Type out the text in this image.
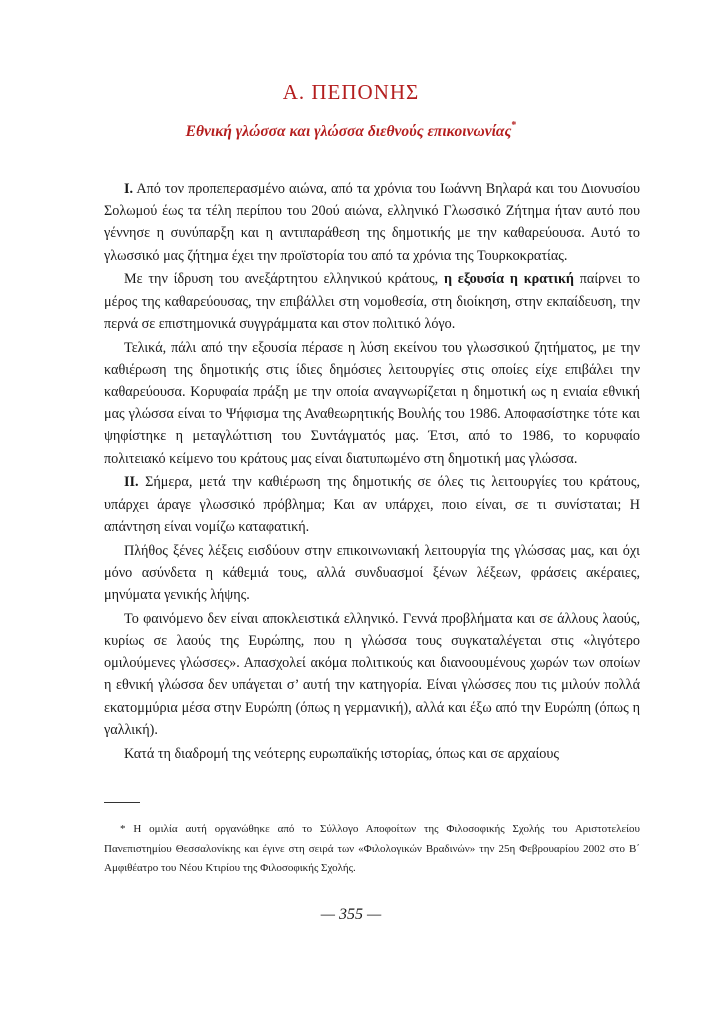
Α. ΠΕΠΟΝΗΣ
Εθνική γλώσσα και γλώσσα διεθνούς επικοινωνίας*

Ι. Από τον προπεπερασμένο αιώνα, από τα χρόνια του Ιωάννη Βηλαρά και του Διονυσίου Σολωμού έως τα τέλη περίπου του 20ού αιώνα, ελληνικό Γλωσσικό Ζήτημα ήταν αυτό που γέννησε η συνύπαρξη και η αντιπαράθεση της δημοτικής με την καθαρεύουσα. Αυτό το γλωσσικό μας ζήτημα έχει την προϊστορία του από τα χρόνια της Τουρκοκρατίας.

Με την ίδρυση του ανεξάρτητου ελληνικού κράτους, η εξουσία η κρατική παίρνει το μέρος της καθαρεύουσας, την επιβάλλει στη νομοθεσία, στη διοίκηση, στην εκπαίδευση, την περνά σε επιστημονικά συγγράμματα και στον πολιτικό λόγο.

Τελικά, πάλι από την εξουσία πέρασε η λύση εκείνου του γλωσσικού ζητήματος, με την καθιέρωση της δημοτικής στις ίδιες δημόσιες λειτουργίες στις οποίες είχε επιβάλει την καθαρεύουσα. Κορυφαία πράξη με την οποία αναγνωρίζεται η δημοτική ως η ενιαία εθνική μας γλώσσα είναι το Ψήφισμα της Αναθεωρητικής Βουλής του 1986. Αποφασίστηκε τότε και ψηφίστηκε η μεταγλώττιση του Συντάγματός μας. Έτσι, από το 1986, το κορυφαίο πολιτειακό κείμενο του κράτους μας είναι διατυπωμένο στη δημοτική μας γλώσσα.

ΙΙ. Σήμερα, μετά την καθιέρωση της δημοτικής σε όλες τις λειτουργίες του κράτους, υπάρχει άραγε γλωσσικό πρόβλημα; Και αν υπάρχει, ποιο είναι, σε τι συνίσταται; Η απάντηση είναι νομίζω καταφατική.

Πλήθος ξένες λέξεις εισδύουν στην επικοινωνιακή λειτουργία της γλώσσας μας, και όχι μόνο ασύνδετα η κάθεμιά τους, αλλά συνδυασμοί ξένων λέξεων, φράσεις ακέραιες, μηνύματα γενικής λήψης.

Το φαινόμενο δεν είναι αποκλειστικά ελληνικό. Γεννά προβλήματα και σε άλλους λαούς, κυρίως σε λαούς της Ευρώπης, που η γλώσσα τους συγκαταλέγεται στις «λιγότερο ομιλούμενες γλώσσες». Απασχολεί ακόμα πολιτικούς και διανοουμένους χωρών των οποίων η εθνική γλώσσα δεν υπάγεται σ’ αυτή την κατηγορία. Είναι γλώσσες που τις μιλούν πολλά εκατομμύρια μέσα στην Ευρώπη (όπως η γερμανική), αλλά και έξω από την Ευρώπη (όπως η γαλλική).

Κατά τη διαδρομή της νεότερης ευρωπαϊκής ιστορίας, όπως και σε αρχαίους

* Η ομιλία αυτή οργανώθηκε από το Σύλλογο Αποφοίτων της Φιλοσοφικής Σχολής του Αριστοτελείου Πανεπιστημίου Θεσσαλονίκης και έγινε στη σειρά των «Φιλολογικών Βραδινών» την 25η Φεβρουαρίου 2002 στο Β΄ Αμφιθέατρο του Νέου Κτιρίου της Φιλοσοφικής Σχολής.

— 355 —
